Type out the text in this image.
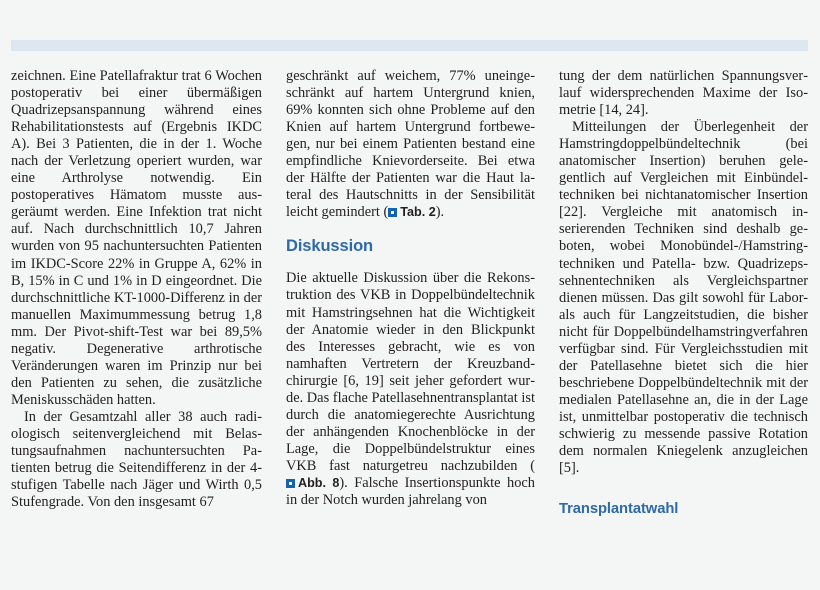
zeichnen. Eine Patellafraktur trat 6 Wochen postoperativ bei einer übermäßigen Quadrizepsanspannung während eines Rehabilitationstests auf (Ergebnis IKDC A). Bei 3 Patienten, die in der 1. Woche nach der Verletzung operiert wurden, war eine Arthrolyse notwendig. Ein postoperatives Hämatom musste ausgeräumt werden. Eine Infektion trat nicht auf. Nach durchschnittlich 10,7 Jahren wurden von 95 nachuntersuchten Patienten im IKDC-Score 22% in Gruppe A, 62% in B, 15% in C und 1% in D eingeordnet. Die durchschnittliche KT-1000-Differenz in der manuellen Maximummessung betrug 1,8 mm. Der Pivot-shift-Test war bei 89,5% negativ. Degenerative arthrotische Veränderungen waren im Prinzip nur bei den Patienten zu sehen, die zusätzliche Meniskusschäden hatten.

In der Gesamtzahl aller 38 auch radiologisch seitenvergleichend mit Belastungsaufnahmen nachuntersuchten Patienten betrug die Seitendifferenz in der 4-stufigen Tabelle nach Jäger und Wirth 0,5 Stufengrade. Von den insgesamt 67

geschränkt auf weichem, 77% uneingeschränkt auf hartem Untergrund knien, 69% konnten sich ohne Probleme auf den Knien auf hartem Untergrund fortbewegen, nur bei einem Patienten bestand eine empfindliche Knievorderseite. Bei etwa der Hälfte der Patienten war die Haut lateral des Hautschnitts in der Sensibilität leicht gemindert ( Tab. 2).

Diskussion

Die aktuelle Diskussion über die Rekonstruktion des VKB in Doppelbündeltechnik mit Hamstringsehnen hat die Wichtigkeit der Anatomie wieder in den Blickpunkt des Interesses gebracht, wie es von namhaften Vertretern der Kreuzbandchirurgie [6, 19] seit jeher gefordert wurde. Das flache Patellasehnentransplantat ist durch die anatomiegerechte Ausrichtung der anhängenden Knochenblöcke in der Lage, die Doppelbündelstruktur eines VKB fast naturgetreu nachzubilden (Abb. 8). Falsche Insertionspunkte hoch in der Notch wurden jahrelang von

tung der dem natürlichen Spannungsverlauf widersprechenden Maxime der Isometrie [14, 24].

Mitteilungen der Überlegenheit der Hamstringdoppelbündeltechnik (bei anatomischer Insertion) beruhen gelegentlich auf Vergleichen mit Einbündeltechniken bei nichtanatomischer Insertion [22]. Vergleiche mit anatomisch inserierenden Techniken sind deshalb geboten, wobei Monobündel-/Hamstringtechniken und Patella- bzw. Quadrizepssehnentechniken als Vergleichspartner dienen müssen. Das gilt sowohl für Labor- als auch für Langzeitstudien, die bisher nicht für Doppelbündelhamstringverfahren verfügbar sind. Für Vergleichsstudien mit der Patellasehne bietet sich die hier beschriebene Doppelbündeltechnik mit der medialen Patellasehne an, die in der Lage ist, unmittelbar postoperativ die technisch schwierig zu messende passive Rotation dem normalen Kniegelenk anzugleichen [5].

Transplantatwahl
